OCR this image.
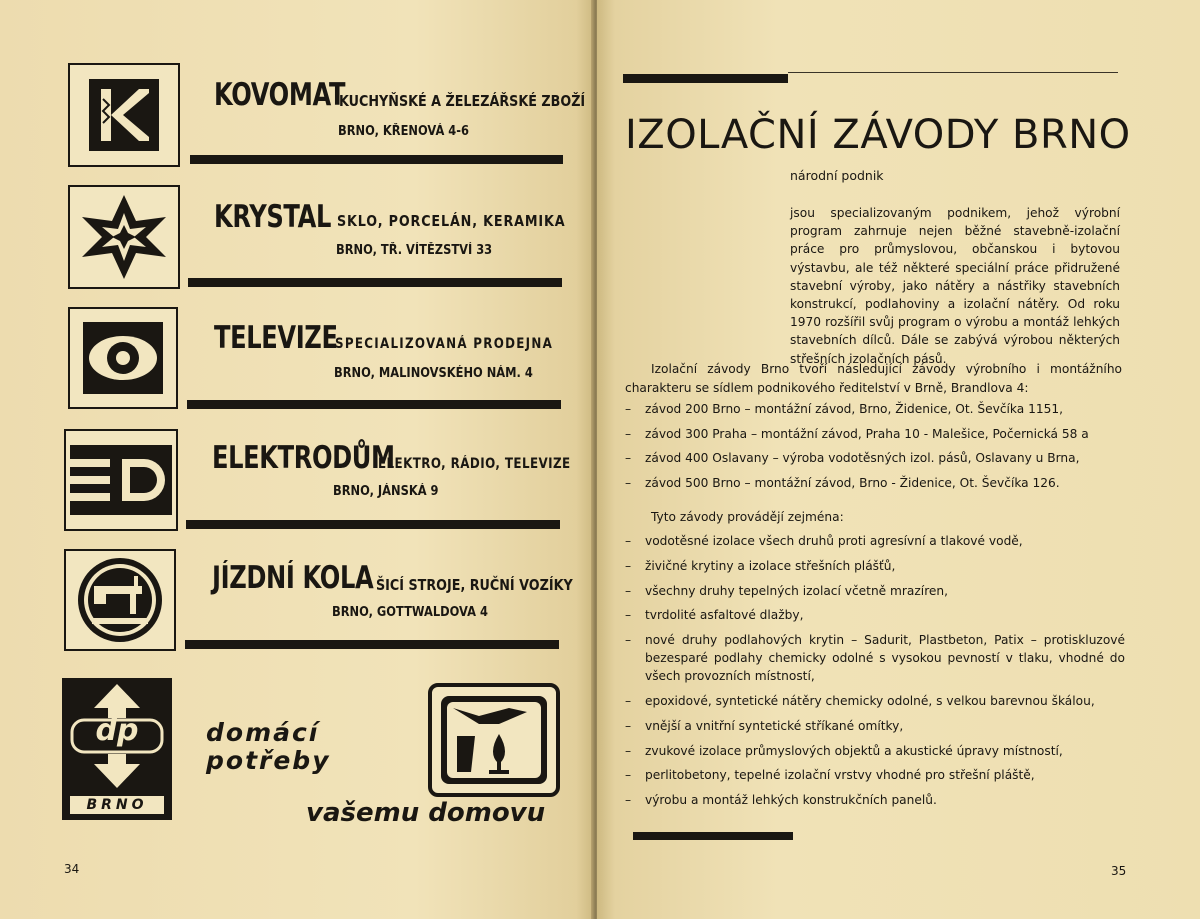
KOVOMAT
KUCHYŇSKÉ A ŽELEZÁŘSKÉ ZBOŽÍ
BRNO, KŘENOVÁ 4-6
KRYSTAL SKLO, PORCELÁN, KERAMIKA
BRNO, TŘ. VÍTĚZSTVÍ 33
TELEVIZE
SPECIALIZOVANÁ PRODEJNA
BRNO, MALINOVSKÉHO NÁM. 4
ELEKTRODŮM
ELEKTRO, RÁDIO, TELEVIZE
BRNO, JÁNSKÁ 9
JÍZDNÍ KOLA ŠICÍ STROJE, RUČNÍ VOZÍKY
BRNO, GOTTWALDOVA 4
dp
BRNO
domácí
potřeby
vašemu domovu
34
IZOLAČNÍ ZÁVODY BRNO
národní podnik
jsou specializovaným podnikem, jehož výrobní program zahrnuje nejen běžné stavebně-izolační práce pro průmyslovou, občanskou i bytovou výstavbu, ale též některé speciální práce přidružené stavební výroby, jako nátěry a nástřiky stavebních konstrukcí, podlahoviny a izolační nátěry. Od roku 1970 rozšířil svůj program o výrobu a montáž lehkých stavebních dílců. Dále se zabývá výrobou některých střešních izolačních pásů.
Izolační závody Brno tvoří následující závody výrobního i montážního charakteru se sídlem podnikového ředitelství v Brně, Brandlova 4:
– závod 200 Brno – montážní závod, Brno, Židenice, Ot. Ševčíka 1151,
– závod 300 Praha – montážní závod, Praha 10 - Malešice, Počernická 58 a
– závod 400 Oslavany – výroba vodotěsných izol. pásů, Oslavany u Brna,
– závod 500 Brno – montážní závod, Brno - Židenice, Ot. Ševčíka 126.
Tyto závody provádějí zejména:
– vodotěsné izolace všech druhů proti agresívní a tlakové vodě,
– živičné krytiny a izolace střešních plášťů,
– všechny druhy tepelných izolací včetně mrazíren,
– tvrdolité asfaltové dlažby,
– nové druhy podlahových krytin – Sadurit, Plastbeton, Patix – protiskluzové bezesparé podlahy chemicky odolné s vysokou pevností v tlaku, vhodné do všech provozních místností,
– epoxidové, syntetické nátěry chemicky odolné, s velkou barevnou škálou,
– vnější a vnitřní syntetické stříkané omítky,
– zvukové izolace průmyslových objektů a akustické úpravy místností,
– perlitobetony, tepelné izolační vrstvy vhodné pro střešní pláště,
– výrobu a montáž lehkých konstrukčních panelů.
35
